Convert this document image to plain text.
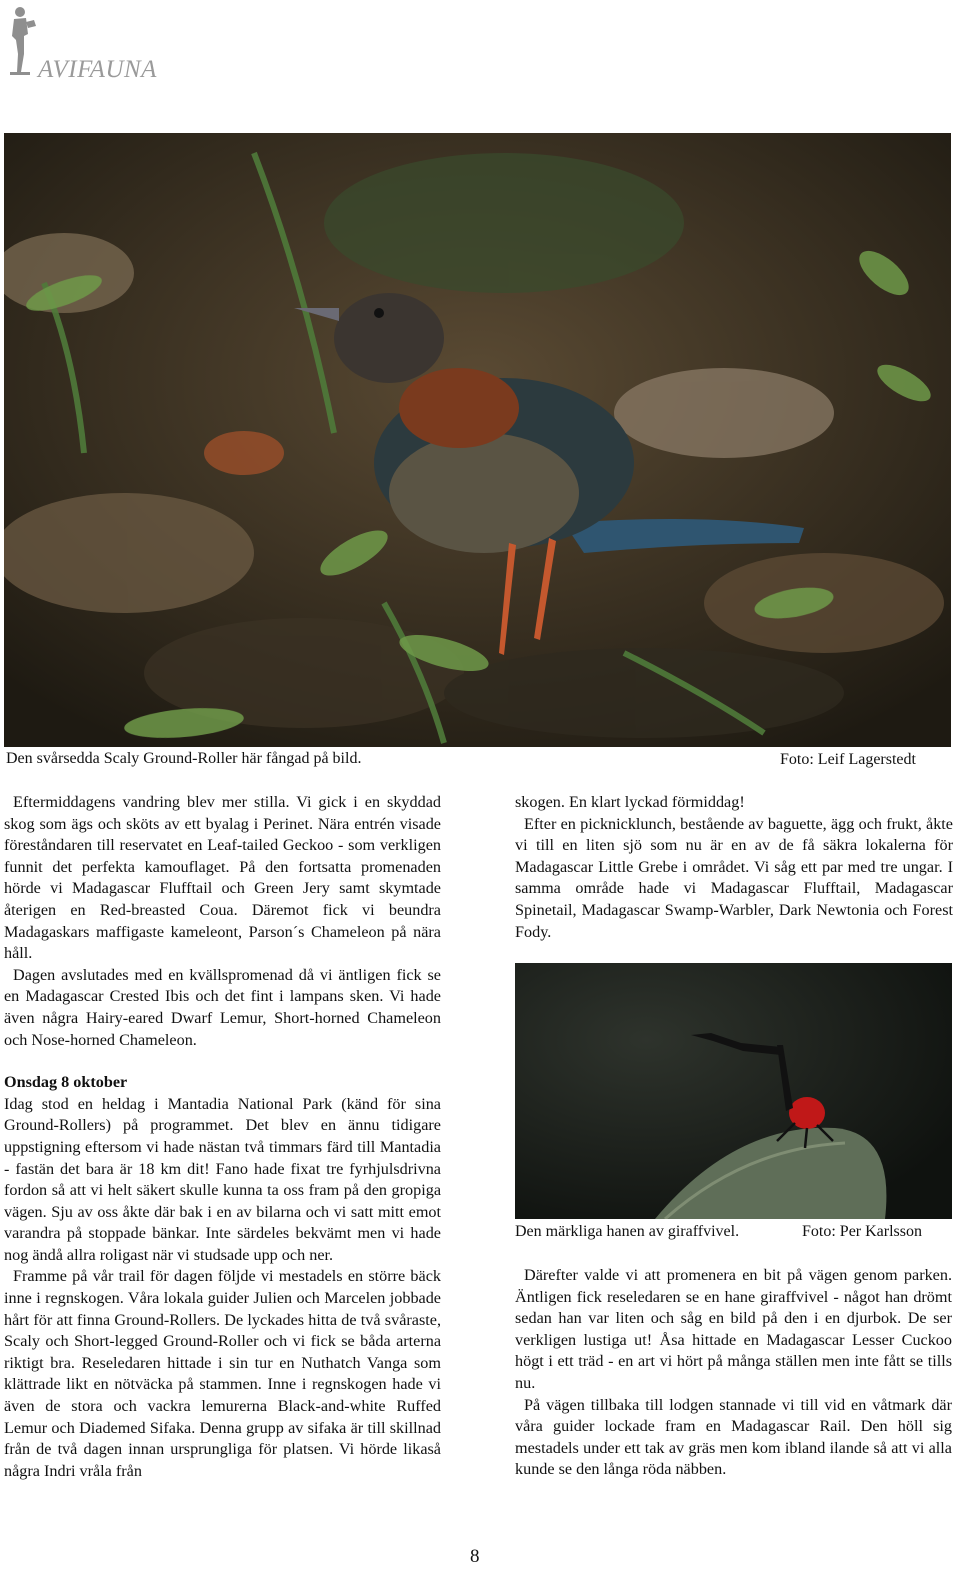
AVIFAUNA
Den svårsedda Scaly Ground-Roller här fångad på bild.	Foto: Leif Lagerstedt

Eftermiddagens vandring blev mer stilla. Vi gick i en skyddad skog som ägs och sköts av ett byalag i Perinet. Nära entrén visade föreståndaren till reservatet en Leaf-tailed Geckoo - som verkligen funnit det perfekta kamouflaget. På den fortsatta promenaden hörde vi Madagascar Flufftail och Green Jery samt skymtade återigen en Red-breasted Coua. Däremot fick vi beundra Madagaskars maffigaste kameleont, Parson´s Chameleon på nära håll.

Dagen avslutades med en kvällspromenad då vi äntligen fick se en Madagascar Crested Ibis och det fint i lampans sken. Vi hade även några Hairy-eared Dwarf Lemur, Short-horned Chameleon och Nose-horned Chameleon.

Onsdag 8 oktober

Idag stod en heldag i Mantadia National Park (känd för sina Ground-Rollers) på programmet. Det blev en ännu tidigare uppstigning eftersom vi hade nästan två timmars färd till Mantadia - fastän det bara är 18 km dit! Fano hade fixat tre fyrhjulsdrivna fordon så att vi helt säkert skulle kunna ta oss fram på den gropiga vägen. Sju av oss åkte där bak i en av bilarna och vi satt mitt emot varandra på stoppade bänkar. Inte särdeles bekvämt men vi hade nog ändå allra roligast när vi studsade upp och ner.

Framme på vår trail för dagen följde vi mestadels en större bäck inne i regnskogen. Våra lokala guider Julien och Marcelen jobbade hårt för att finna Ground-Rollers. De lyckades hitta de två svåraste, Scaly och Short-legged Ground-Roller och vi fick se båda arterna riktigt bra. Reseledaren hittade i sin tur en Nuthatch Vanga som klättrade likt en nötväcka på stammen. Inne i regnskogen hade vi även de stora och vackra lemurerna Black-and-white Ruffed Lemur och Diademed Sifaka. Denna grupp av sifaka är till skillnad från de två dagen innan ursprungliga för platsen. Vi hörde likaså några Indri vråla från

skogen. En klart lyckad förmiddag!

Efter en picknicklunch, bestående av baguette, ägg och frukt, åkte vi till en liten sjö som nu är en av de få säkra lokalerna för Madagascar Little Grebe i området. Vi såg ett par med tre ungar. I samma område hade vi Madagascar Flufftail, Madagascar Spinetail, Madagascar Swamp-Warbler, Dark Newtonia och Forest Fody.

Den märkliga hanen av giraffvivel.	Foto: Per Karlsson

Därefter valde vi att promenera en bit på vägen genom parken. Äntligen fick reseledaren se en hane giraffvivel - något han drömt sedan han var liten och såg en bild på den i en djurbok. De ser verkligen lustiga ut! Åsa hittade en Madagascar Lesser Cuckoo högt i ett träd - en art vi hört på många ställen men inte fått se tills nu.

På vägen tillbaka till lodgen stannade vi till vid en våtmark där våra guider lockade fram en Madagascar Rail. Den höll sig mestadels under ett tak av gräs men kom ibland ilande så att vi alla kunde se den långa röda näbben.

8
